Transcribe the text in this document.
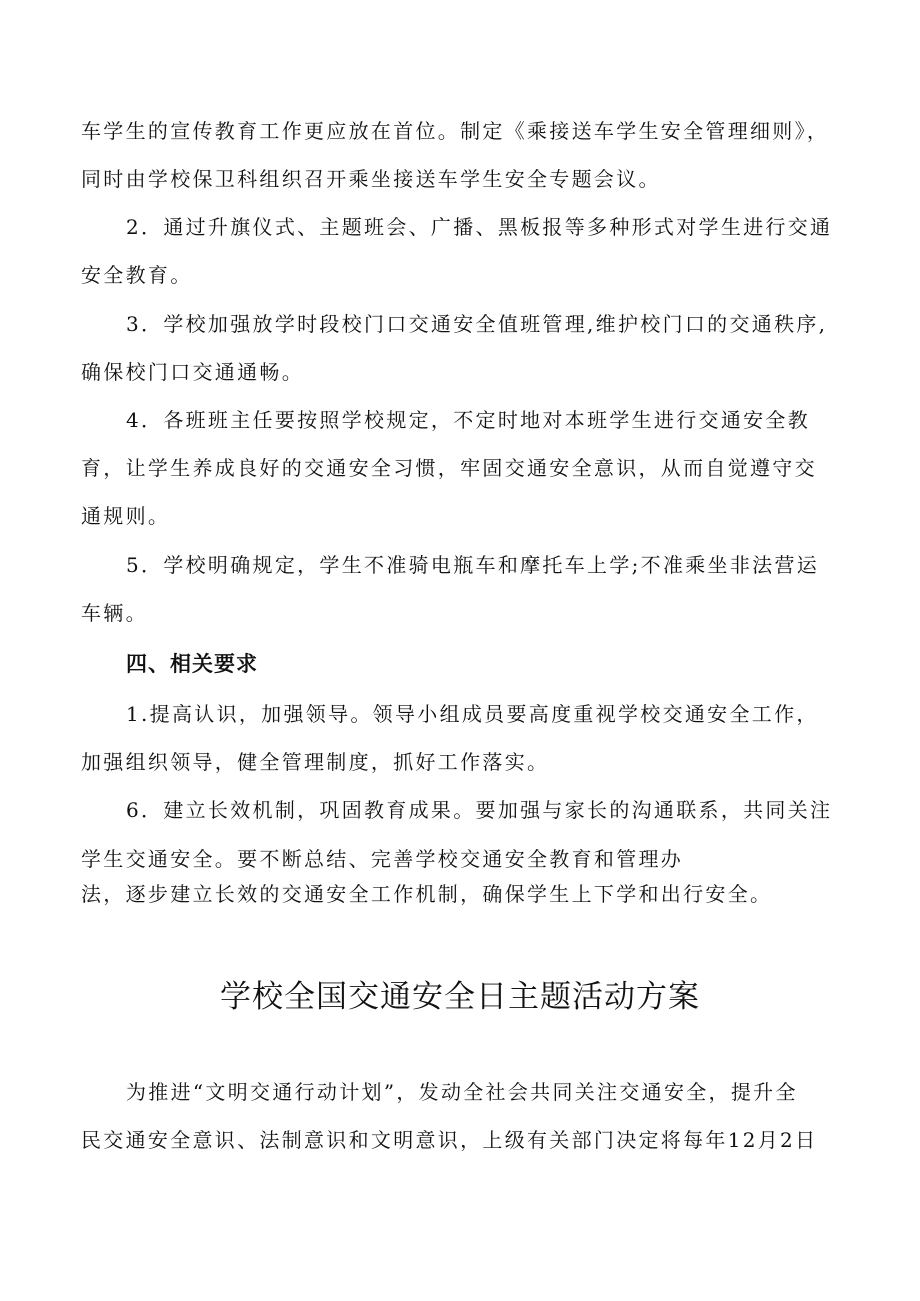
车学生的宣传教育工作更应放在首位。制定《乘接送车学生安全管理细则》，
同时由学校保卫科组织召开乘坐接送车学生安全专题会议。
2．通过升旗仪式、主题班会、广播、黑板报等多种形式对学生进行交通
安全教育。
3．学校加强放学时段校门口交通安全值班管理,维护校门口的交通秩序,
确保校门口交通通畅。
4．各班班主任要按照学校规定，不定时地对本班学生进行交通安全教
育，让学生养成良好的交通安全习惯，牢固交通安全意识，从而自觉遵守交
通规则。
5．学校明确规定，学生不准骑电瓶车和摩托车上学;不准乘坐非法营运
车辆。
四、相关要求
1.提高认识，加强领导。领导小组成员要高度重视学校交通安全工作，
加强组织领导，健全管理制度，抓好工作落实。
6．建立长效机制，巩固教育成果。要加强与家长的沟通联系，共同关注
学生交通安全。要不断总结、完善学校交通安全教育和管理办
法，逐步建立长效的交通安全工作机制，确保学生上下学和出行安全。
学校全国交通安全日主题活动方案
为推进“文明交通行动计划”，发动全社会共同关注交通安全，提升全
民交通安全意识、法制意识和文明意识，上级有关部门决定将每年12月2日
